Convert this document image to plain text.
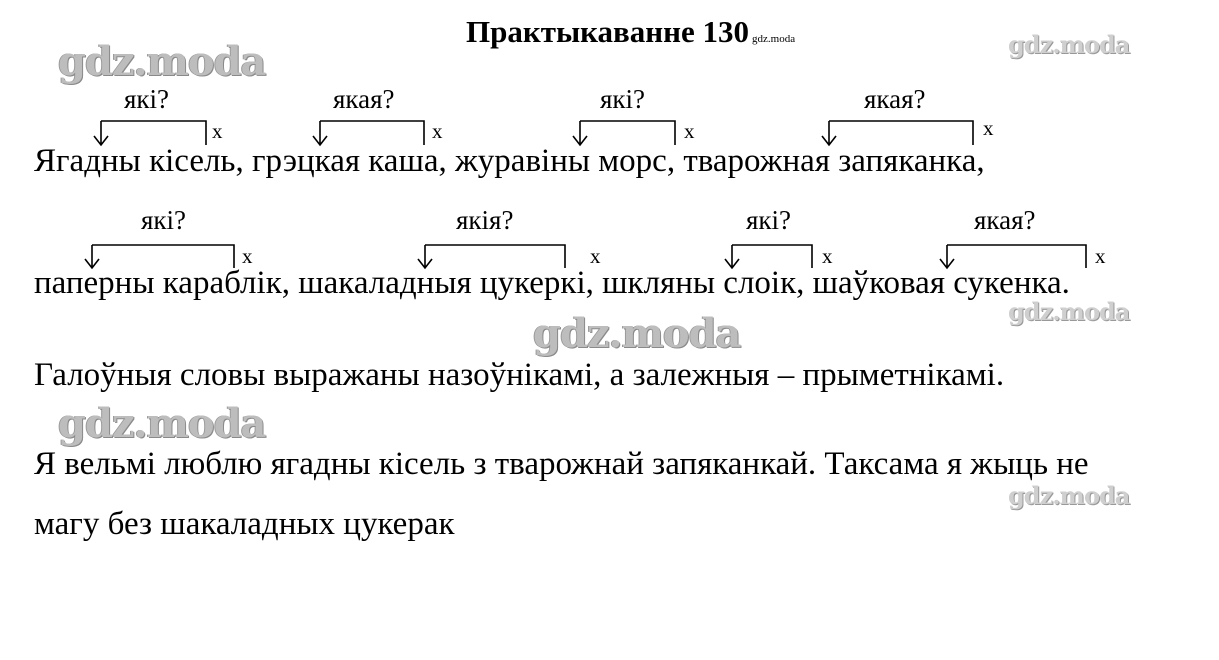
gdz.moda	gdz.moda
gdz.moda	gdz.moda
gdz.moda
gdz.moda
Практыкаванне 130 gdz.moda
які?	якая?	які?	якая?
x	x	x	x
Ягадны кісель, грэцкая каша, журавіны морс, тварожная запяканка,
які?	якія?	які?	якая?
x	x	x	x
паперны караблік, шакаладныя цукеркі, шкляны слоік, шаўковая сукенка.
Галоўныя словы выражаны назоўнікамі, а залежныя – прыметнікамі.
Я вельмі люблю ягадны кісель з тварожнай запяканкай. Таксама я жыць не
магу без шакаладных цукерак
